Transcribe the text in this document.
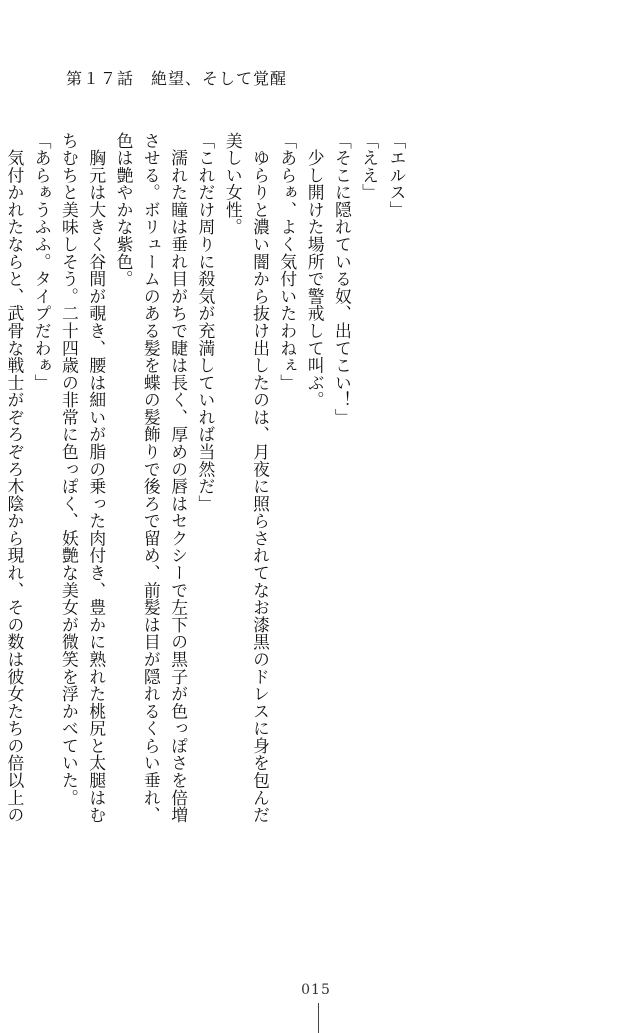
第１７話　絶望、そして覚醒
「エルス」
「ええ」
「そこに隠れている奴、出てこい！」
　少し開けた場所で警戒して叫ぶ。
「あらぁ、よく気付いたわねぇ」
　ゆらりと濃い闇から抜け出したのは、月夜に照らされてなお漆黒のドレスに身を包んだ
美しい女性。
「これだけ周りに殺気が充満していれば当然だ」
　濡れた瞳は垂れ目がちで睫は長く、厚めの唇はセクシーで左下の黒子が色っぽさを倍増
させる。ボリュームのある髪を蝶の髪飾りで後ろで留め、前髪は目が隠れるくらい垂れ、
色は艶やかな紫色。
　胸元は大きく谷間が覗き、腰は細いが脂の乗った肉付き、豊かに熟れた桃尻と太腿はむ
ちむちと美味しそう。二十四歳の非常に色っぽく、妖艶な美女が微笑を浮かべていた。
「あらぁうふふ。タイプだわぁ」
　気付かれたならと、武骨な戦士がぞろぞろ木陰から現れ、その数は彼女たちの倍以上の
015
